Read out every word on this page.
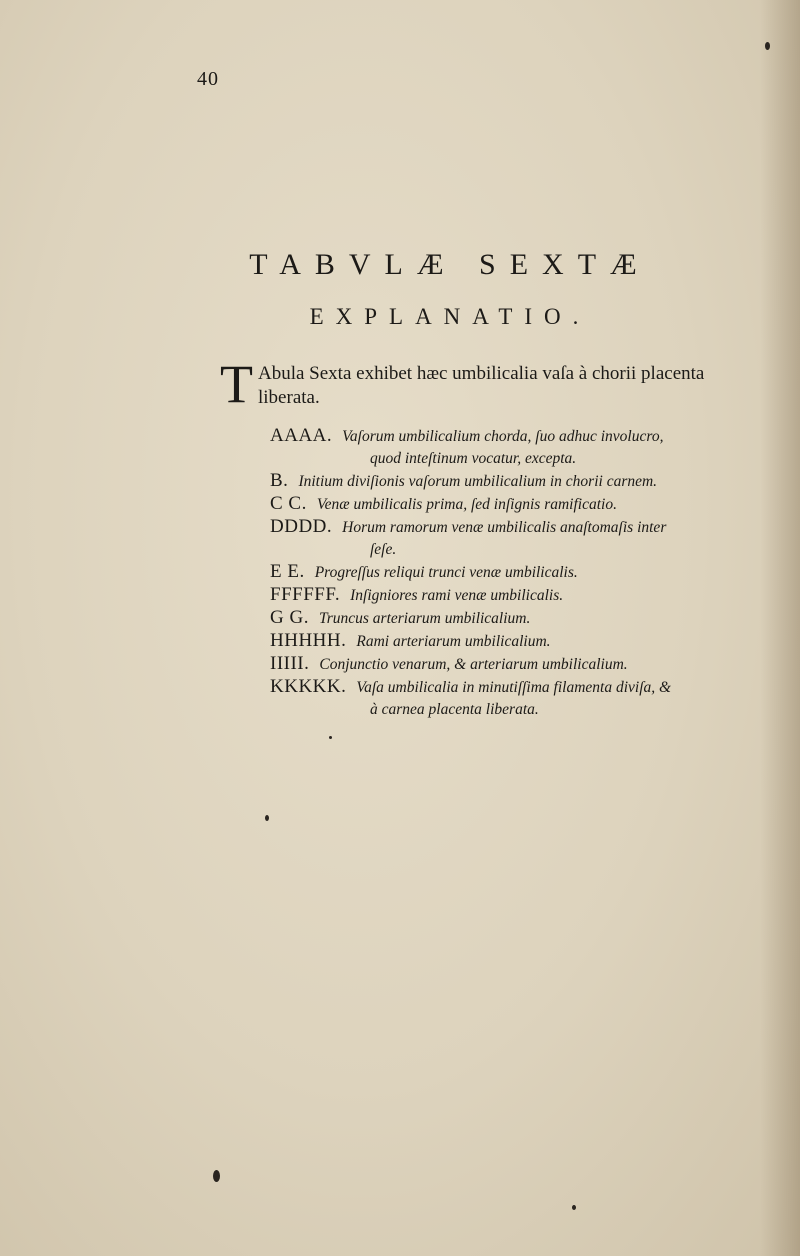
40
TABVLÆ SEXTÆ
EXPLANATIO.
T Abula Sexta exhibet hæc umbilicalia vaſa à chorii placenta liberata.

AAAA. Vaſorum umbilicalium chorda, ſuo adhuc involucro,
quod inteſtinum vocatur, excepta.

B. Initium diviſionis vaſorum umbilicalium in chorii carnem.

C C. Venæ umbilicalis prima, ſed inſignis ramificatio.

DDDD. Horum ramorum venæ umbilicalis anaſtomaſis inter
ſeſe.

E E. Progreſſus reliqui trunci venæ umbilicalis.

FFFFFF. Inſigniores rami venæ umbilicalis.

G G. Truncus arteriarum umbilicalium.

HHHHH. Rami arteriarum umbilicalium.

IIIII. Conjunctio venarum, & arteriarum umbilicalium.

KKKKK. Vaſa umbilicalia in minutiſſima filamenta diviſa, &
à carnea placenta liberata.
